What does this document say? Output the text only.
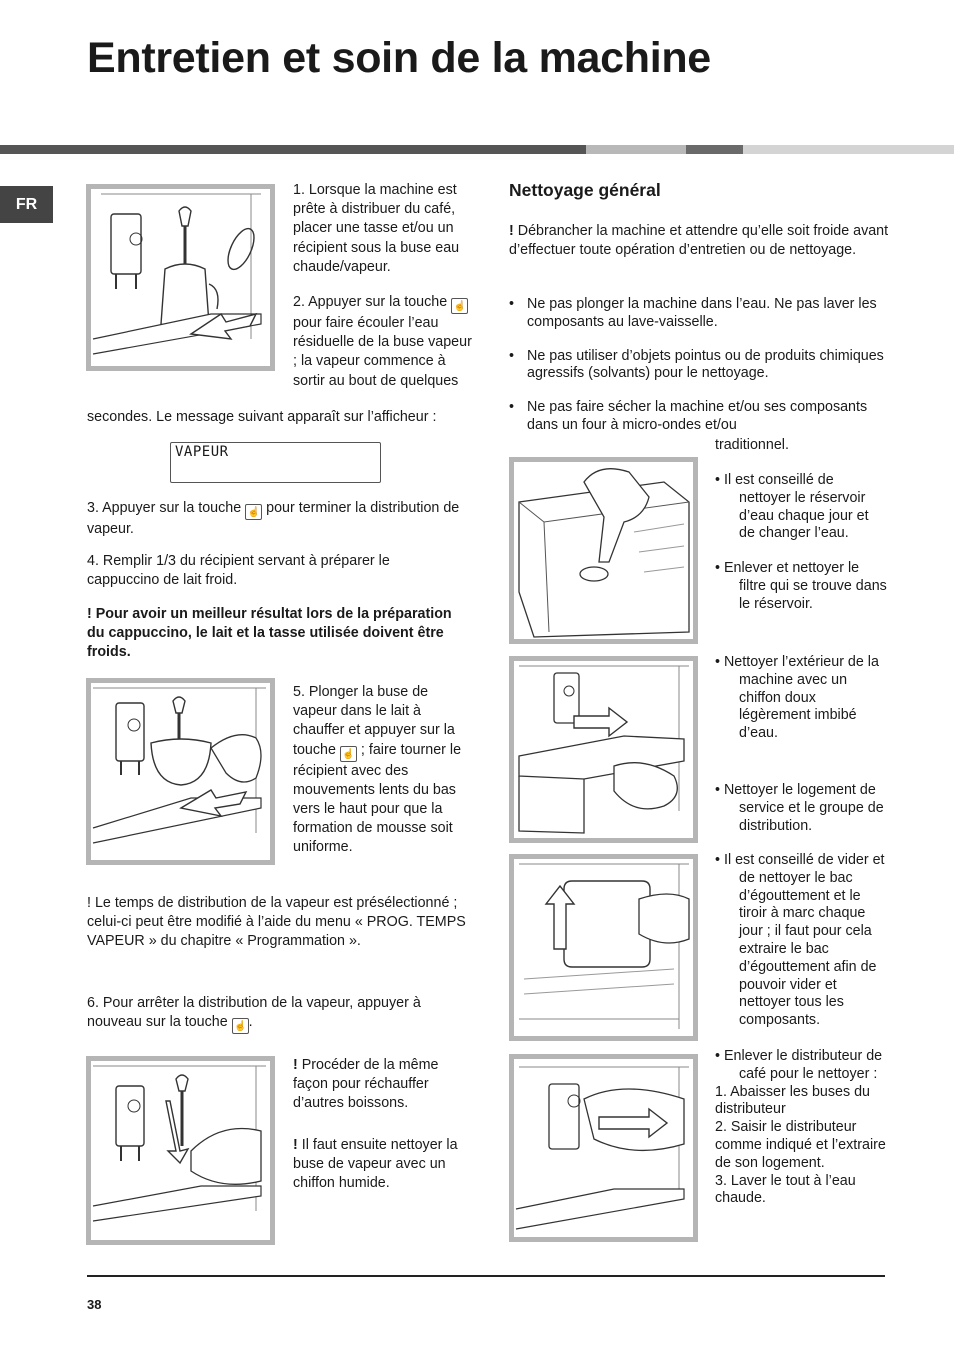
Entretien et soin de la machine
FR

1. Lorsque la machine est prête à distribuer du café, placer une tasse et/ou un récipient sous la buse eau chaude/vapeur.

2. Appuyer sur la touche ☝ pour faire écouler l’eau résiduelle de la buse vapeur ; la vapeur commence à sortir au bout de quelques
secondes. Le message suivant apparaît sur l’afficheur :
VAPEUR
3. Appuyer sur la touche ☝ pour terminer la distribution de vapeur.
4. Remplir 1/3 du récipient servant à préparer le cappuccino de lait froid.
! Pour avoir un meilleur résultat lors de la préparation du cappuccino, le lait et la tasse utilisée doivent être froids.
5. Plonger la buse de vapeur dans le lait à chauffer et appuyer sur la touche ☝ ; faire tourner le récipient avec des mouvements lents du bas vers le haut pour que la formation de mousse soit uniforme.
! Le temps de distribution de la vapeur est présélectionné ; celui-ci peut être modifié à l’aide du menu « PROG. TEMPS VAPEUR » du chapitre « Programmation ».
6. Pour arrêter la distribution de la vapeur, appuyer à nouveau sur la touche ☝ .
! Procéder de la même façon pour réchauffer d’autres boissons.
! Il faut ensuite nettoyer la buse de vapeur avec un chiffon humide.
Nettoyage général
! Débrancher la machine et attendre qu’elle soit froide avant d’effectuer toute opération d’entretien ou de nettoyage.
• Ne pas plonger la machine dans l’eau. Ne pas laver les composants au lave-vaisselle.
• Ne pas utiliser d’objets pointus ou de produits chimiques agressifs (solvants) pour le nettoyage.
• Ne pas faire sécher la machine et/ou ses composants dans un four à micro-ondes et/ou
traditionnel.

• Il est conseillé de nettoyer le réservoir d’eau chaque jour et de changer l’eau.

• Enlever et nettoyer le filtre qui se trouve dans le réservoir.

• Nettoyer l’extérieur de la machine avec un chiffon doux légèrement imbibé d’eau.

• Nettoyer le logement de service et le groupe de distribution.

• Il est conseillé de vider et de nettoyer le bac d’égouttement et le tiroir à marc chaque jour ; il faut pour cela extraire le bac d’égouttement afin de pouvoir vider et nettoyer tous les composants.

• Enlever le distributeur de café pour le nettoyer :

1. Abaisser les buses du distributeur

2. Saisir le distributeur comme indiqué et l’extraire de son logement.

3. Laver le tout à l’eau chaude.

38
